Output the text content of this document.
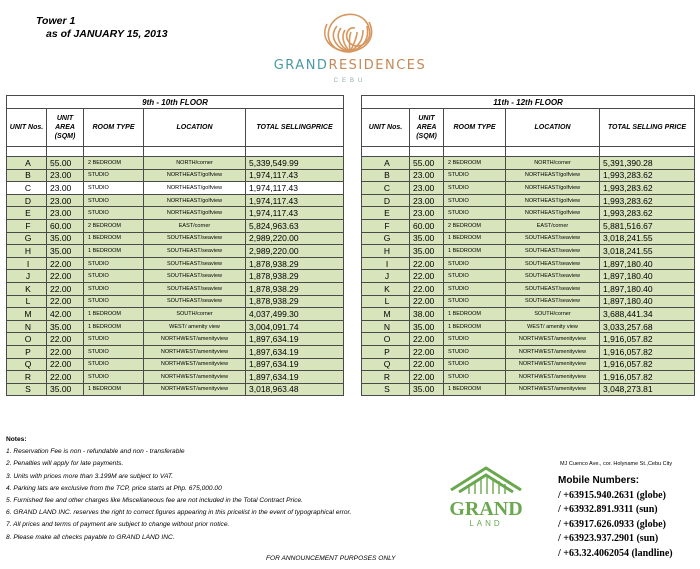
Tower 1
as of JANUARY 15, 2013
GRANDRESIDENCES
CEBU
9th - 10th FLOOR				
UNIT Nos.	UNIT AREA (SQM)	ROOM TYPE	LOCATION	TOTAL SELLINGPRICE

A	55.00	2 BEDROOM	NORTH/corner	5,339,549.99
B	23.00	STUDIO	NORTHEAST/golfview	1,974,117.43
C	23.00	STUDIO	NORTHEAST/golfview	1,974,117.43
D	23.00	STUDIO	NORTHEAST/golfview	1,974,117.43
E	23.00	STUDIO	NORTHEAST/golfview	1,974,117.43
F	60.00	2 BEDROOM	EAST/corner	5,824,963.63
G	35.00	1 BEDROOM	SOUTHEAST/seaview	2,989,220.00
H	35.00	1 BEDROOM	SOUTHEAST/seaview	2,989,220.00
I	22.00	STUDIO	SOUTHEAST/seaview	1,878,938.29
J	22.00	STUDIO	SOUTHEAST/seaview	1,878,938.29
K	22.00	STUDIO	SOUTHEAST/seaview	1,878,938.29
L	22.00	STUDIO	SOUTHEAST/seaview	1,878,938.29
M	42.00	1 BEDROOM	SOUTH/corner	4,037,499.30
N	35.00	1 BEDROOM	WEST/ amenity view	3,004,091.74
O	22.00	STUDIO	NORTHWEST/amenityview	1,897,634.19
P	22.00	STUDIO	NORTHWEST/amenityview	1,897,634.19
Q	22.00	STUDIO	NORTHWEST/amenityview	1,897,634.19
R	22.00	STUDIO	NORTHWEST/amenityview	1,897,634.19
S	35.00	1 BEDROOM	NORTHWEST/amenityview	3,018,963.48
11th - 12th FLOOR				
UNIT Nos.	UNIT AREA (SQM)	ROOM TYPE	LOCATION	TOTAL SELLING PRICE

A	55.00	2 BEDROOM	NORTH/corner	5,391,390.28
B	23.00	STUDIO	NORTHEAST/golfview	1,993,283.62
C	23.00	STUDIO	NORTHEAST/golfview	1,993,283.62
D	23.00	STUDIO	NORTHEAST/golfview	1,993,283.62
E	23.00	STUDIO	NORTHEAST/golfview	1,993,283.62
F	60.00	2 BEDROOM	EAST/corner	5,881,516.67
G	35.00	1 BEDROOM	SOUTHEAST/seaview	3,018,241.55
H	35.00	1 BEDROOM	SOUTHEAST/seaview	3,018,241.55
I	22.00	STUDIO	SOUTHEAST/seaview	1,897,180.40
J	22.00	STUDIO	SOUTHEAST/seaview	1,897,180.40
K	22.00	STUDIO	SOUTHEAST/seaview	1,897,180.40
L	22.00	STUDIO	SOUTHEAST/seaview	1,897,180.40
M	38.00	1 BEDROOM	SOUTH/corner	3,688,441.34
N	35.00	1 BEDROOM	WEST/ amenity view	3,033,257.68
O	22.00	STUDIO	NORTHWEST/amenityview	1,916,057.82
P	22.00	STUDIO	NORTHWEST/amenityview	1,916,057.82
Q	22.00	STUDIO	NORTHWEST/amenityview	1,916,057.82
R	22.00	STUDIO	NORTHWEST/amenityview	1,916,057.82
S	35.00	1 BEDROOM	NORTHWEST/amenityview	3,048,273.81
Notes:
1. Reservation Fee is non - refundable and non - transferable
2. Penalties will apply for late payments.
3. Units with prices more than 3.199M are subject to VAT.
4. Parking lats are exclusive from the TCP, price starts at Php. 675,000.00
5. Furnished fee and other charges like Miscellaneous fee are not included in the Total Contract Price.
6. GRAND LAND INC. reserves the right to correct figures appearing in this pricelist in the event of typographical error.
7. All prices and terms of payment are subject to change without prior notice.
8. Please make all checks payable to GRAND LAND INC.
FOR ANNOUNCEMENT PURPOSES ONLY
GRAND
LAND
MJ Cuenco Ave., cor. Holyname St.,Cebu City
Mobile Numbers:
/ +63915.940.2631 (globe)
/ +63932.891.9311 (sun)
/ +63917.626.0933 (globe)
/ +63923.937.2901 (sun)
/ +63.32.4062054 (landline)
